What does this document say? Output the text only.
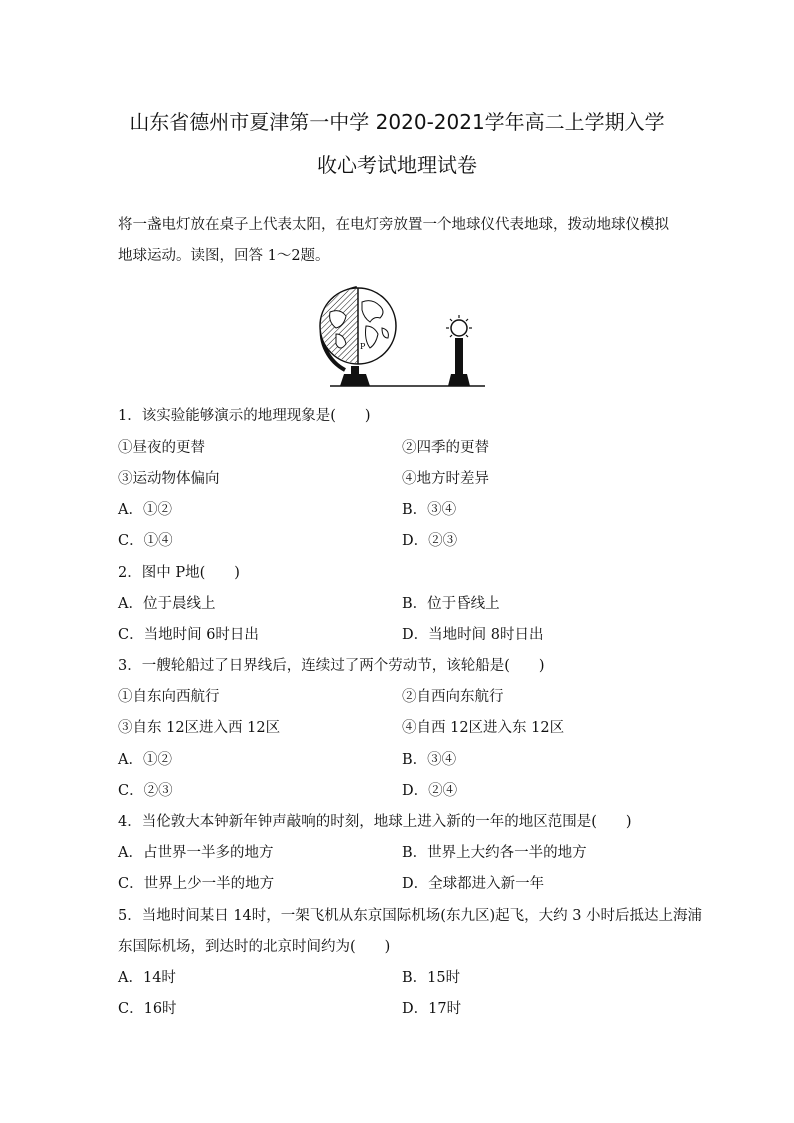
山东省德州市夏津第一中学 2020-2021学年高二上学期入学
收心考试地理试卷
将一盏电灯放在桌子上代表太阳，在电灯旁放置一个地球仪代表地球，拨动地球仪模拟地球运动。读图，回答 1～2题。
P
1．该实验能够演示的地理现象是(　　)
①昼夜的更替	②四季的更替
③运动物体偏向	④地方时差异
A．①②	B．③④
C．①④	D．②③
2．图中 P地(　　)
A．位于晨线上	B．位于昏线上
C．当地时间 6时日出	D．当地时间 8时日出
3．一艘轮船过了日界线后，连续过了两个劳动节，该轮船是(　　)
①自东向西航行	②自西向东航行
③自东 12区进入西 12区	④自西 12区进入东 12区
A．①②	B．③④
C．②③	D．②④
4．当伦敦大本钟新年钟声敲响的时刻，地球上进入新的一年的地区范围是(　　)
A．占世界一半多的地方	B．世界上大约各一半的地方
C．世界上少一半的地方	D．全球都进入新一年
5．当地时间某日 14时，一架飞机从东京国际机场(东九区)起飞，大约 3 小时后抵达上海浦
东国际机场，到达时的北京时间约为(　　)
A．14时	B．15时
C．16时	D．17时
